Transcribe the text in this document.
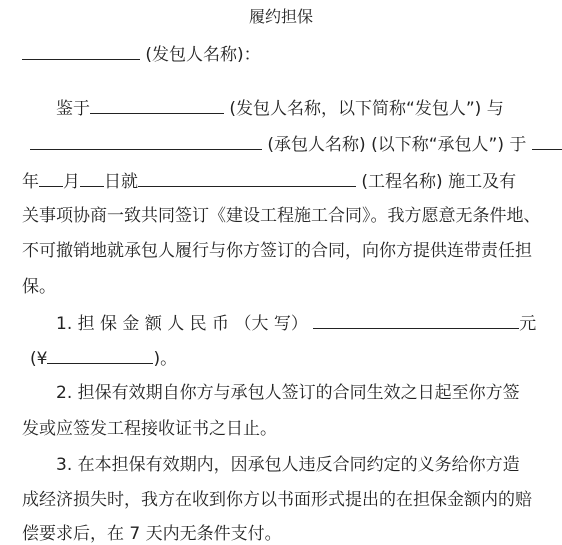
履约担保
(发包人名称)：
鉴于	(发包人名称，以下简称“发包人”) 与
(承包人名称) (以下称“承包人”) 于
年 月 日就	(工程名称) 施工及有
关事项协商一致共同签订《建设工程施工合同》。我方愿意无条件地、
不可撤销地就承包人履行与你方签订的合同，向你方提供连带责任担
保。
1. 担 保 金 额 人 民 币 （大 写）	元
(¥	)。
2. 担保有效期自你方与承包人签订的合同生效之日起至你方签
发或应签发工程接收证书之日止。
3. 在本担保有效期内，因承包人违反合同约定的义务给你方造
成经济损失时，我方在收到你方以书面形式提出的在担保金额内的赔
偿要求后，在 7 天内无条件支付。
